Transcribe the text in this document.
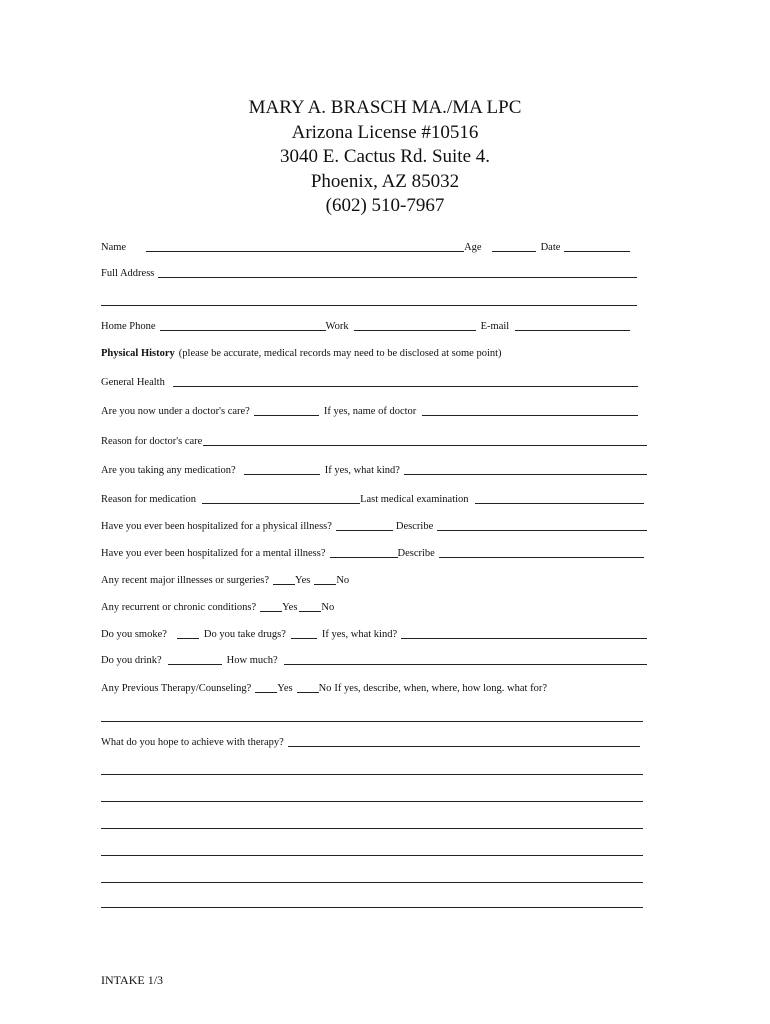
MARY A. BRASCH MA./MA LPC
Arizona License #10516
3040 E. Cactus Rd. Suite 4.
Phoenix, AZ 85032
(602) 510-7967
Name	Age	Date
Full Address
Home Phone	Work	E-mail
Physical History (please be accurate, medical records may need to be disclosed at some point)
General Health
Are you now under a doctor's care?	If yes, name of doctor
Reason for doctor's care
Are you taking any medication?	If yes, what kind?
Reason for medication	Last medical examination
Have you ever been hospitalized for a physical illness?	Describe
Have you ever been hospitalized for a mental illness?	Describe
Any recent major illnesses or surgeries? Yes No
Any recurrent or chronic conditions? Yes No
Do you smoke?	Do you take drugs?	If yes, what kind?
Do you drink?	How much?
Any Previous Therapy/Counseling? Yes No If yes, describe, when, where, how long. what for?
What do you hope to achieve with therapy?
INTAKE 1/3
